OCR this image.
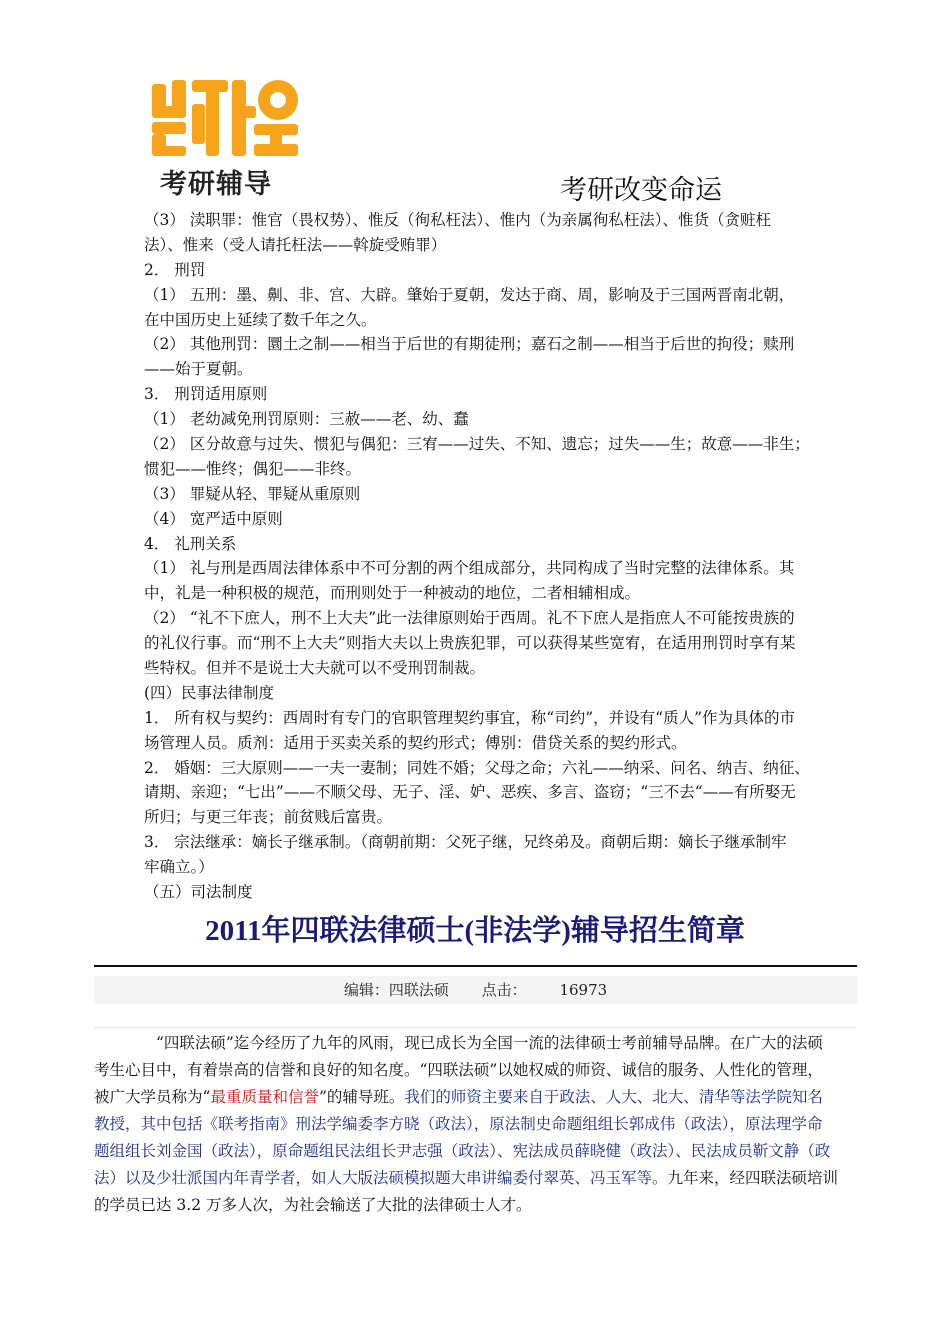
考研辅导	考研改变命运
（3） 渎职罪：惟官（畏权势）、惟反（徇私枉法）、惟内（为亲属徇私枉法）、惟货（贪赃枉
法）、惟来（受人请托枉法——斡旋受贿罪）
2． 刑罚
（1） 五刑：墨、劓、非、宫、大辟。肇始于夏朝，发达于商、周，影响及于三国两晋南北朝，
在中国历史上延续了数千年之久。
（2） 其他刑罚：圜土之制——相当于后世的有期徒刑；嘉石之制——相当于后世的拘役；赎刑
——始于夏朝。
3． 刑罚适用原则
（1） 老幼减免刑罚原则：三赦——老、幼、蠢
（2） 区分故意与过失、惯犯与偶犯：三宥——过失、不知、遗忘；过失——生；故意——非生；
惯犯——惟终；偶犯——非终。
（3） 罪疑从轻、罪疑从重原则
（4） 宽严适中原则
4． 礼刑关系
（1） 礼与刑是西周法律体系中不可分割的两个组成部分，共同构成了当时完整的法律体系。其
中，礼是一种积极的规范，而刑则处于一种被动的地位，二者相辅相成。
（2） “礼不下庶人，刑不上大夫”此一法律原则始于西周。礼不下庶人是指庶人不可能按贵族的
的礼仪行事。而“刑不上大夫”则指大夫以上贵族犯罪，可以获得某些宽宥，在适用刑罚时享有某
些特权。但并不是说士大夫就可以不受刑罚制裁。
(四）民事法律制度
1． 所有权与契约：西周时有专门的官职管理契约事宜，称“司约”，并设有“质人”作为具体的市
场管理人员。质剂：适用于买卖关系的契约形式；傅别：借贷关系的契约形式。
2． 婚姻：三大原则——一夫一妻制；同姓不婚；父母之命；六礼——纳采、问名、纳吉、纳征、
请期、亲迎；“七出”——不顺父母、无子、淫、妒、恶疾、多言、盗窃；“三不去“——有所娶无
所归；与更三年丧；前贫贱后富贵。
3． 宗法继承：嫡长子继承制。（商朝前期：父死子继，兄终弟及。商朝后期：嫡长子继承制牢
牢确立。）
（五）司法制度
2011年四联法律硕士(非法学)辅导招生简章
编辑：四联法硕 点击： 16973
“四联法硕”迄今经历了九年的风雨，现已成长为全国一流的法律硕士考前辅导品牌。在广大的法硕
考生心目中，有着崇高的信誉和良好的知名度。“四联法硕”以她权威的师资、诚信的服务、人性化的管理，
被广大学员称为“最重质量和信誉”的辅导班。我们的师资主要来自于政法、人大、北大、清华等法学院知名
教授，其中包括《联考指南》刑法学编委李方晓（政法），原法制史命题组组长郭成伟（政法），原法理学命
题组组长刘金国（政法），原命题组民法组长尹志强（政法）、宪法成员薛晓健（政法）、民法成员靳文静（政
法）以及少壮派国内年青学者，如人大版法硕模拟题大串讲编委付翠英、冯玉军等。九年来，经四联法硕培训
的学员已达 3.2 万多人次，为社会输送了大批的法律硕士人才。
